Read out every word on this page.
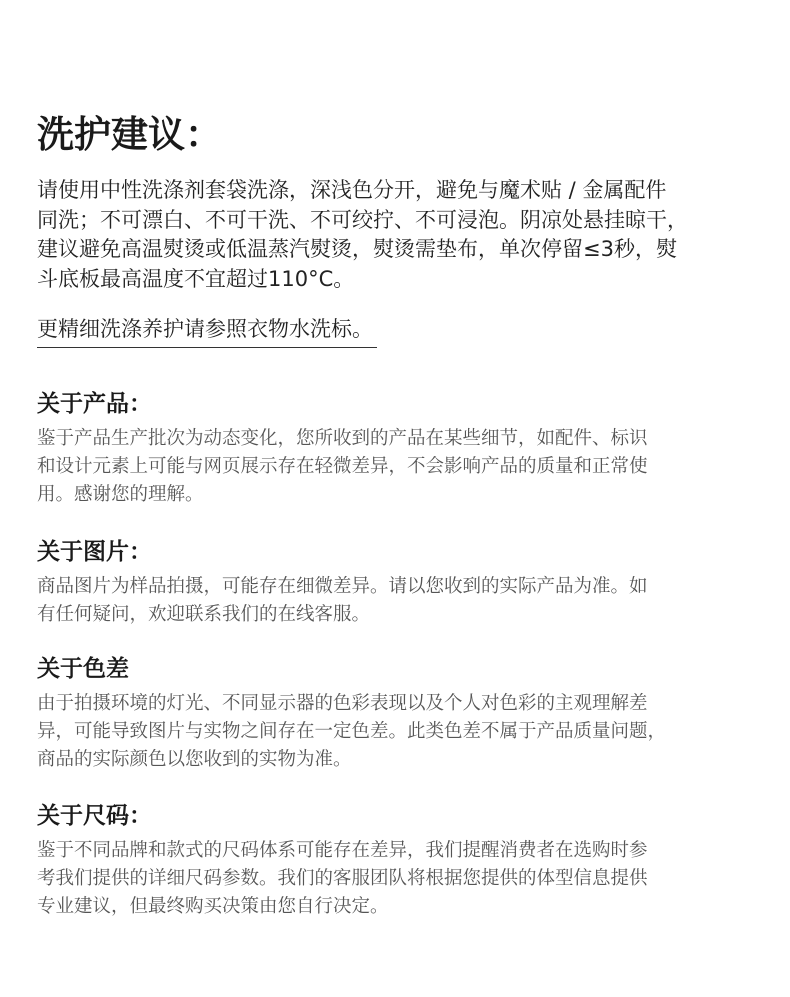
洗护建议：
请使用中性洗涤剂套袋洗涤，深浅色分开，避免与魔术贴 / 金属配件
同洗；不可漂白、不可干洗、不可绞拧、不可浸泡。阴凉处悬挂晾干，
建议避免高温熨烫或低温蒸汽熨烫，熨烫需垫布，单次停留≤3秒，熨
斗底板最高温度不宜超过110°C。
更精细洗涤养护请参照衣物水洗标。
关于产品：
鉴于产品生产批次为动态变化，您所收到的产品在某些细节，如配件、标识
和设计元素上可能与网页展示存在轻微差异，不会影响产品的质量和正常使
用。感谢您的理解。
关于图片：
商品图片为样品拍摄，可能存在细微差异。请以您收到的实际产品为准。如
有任何疑问，欢迎联系我们的在线客服。
关于色差
由于拍摄环境的灯光、不同显示器的色彩表现以及个人对色彩的主观理解差
异，可能导致图片与实物之间存在一定色差。此类色差不属于产品质量问题，
商品的实际颜色以您收到的实物为准。
关于尺码：
鉴于不同品牌和款式的尺码体系可能存在差异，我们提醒消费者在选购时参
考我们提供的详细尺码参数。我们的客服团队将根据您提供的体型信息提供
专业建议，但最终购买决策由您自行决定。
